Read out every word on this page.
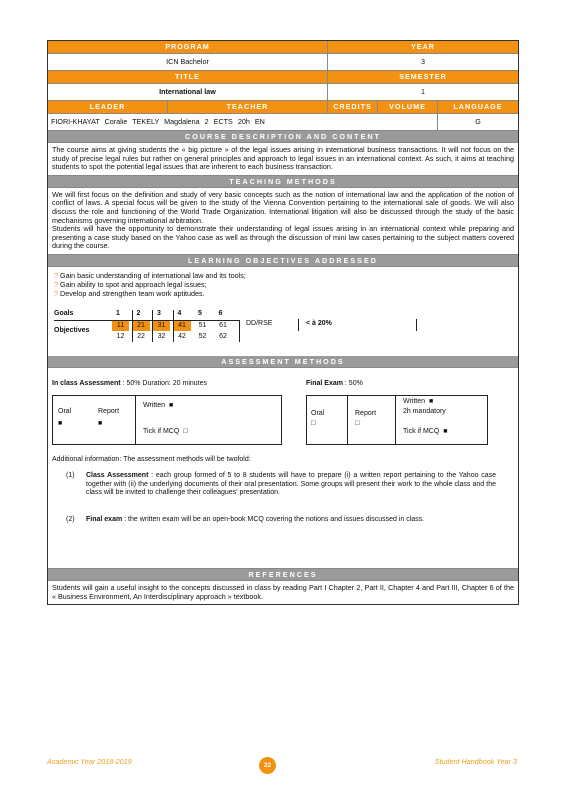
PROGRAM	YEAR
ICN Bachelor	3
TITLE	SEMESTER
International law	1
LEADER	TEACHER	CREDITS	VOLUME	LANGUAGE
FIORI-KHAYAT Coralie TEKELY Magdalena 2 ECTS 20h EN	G
COURSE DESCRIPTION AND CONTENT
The course aims at giving students the « big picture » of the legal issues arising in international business transactions. It will not focus on the study of precise legal rules but rather on general principles and approach to legal issues in an international context. As such, it aims at teaching students to spot the potential legal issues that are inherent to each business transaction.
TEACHING METHODS
We will first focus on the definition and study of very basic concepts such as the notion of international law and the application of the notion of conflict of laws. A special focus will be given to the study of the Vienna Convention pertaining to the international sale of goods. We will also discuss the role and functioning of the World Trade Organization. International litigation will also be discussed through the study of the basic mechanisms governing international arbitration.
Students will have the opportunity to demonstrate their understanding of legal issues arising in an international context while preparing and presenting a case study based on the Yahoo case as well as through the discussion of mini law cases pertaining to the subject matters covered during the course.
LEARNING OBJECTIVES ADDRESSED
? Gain basic understanding of international law and its tools;
? Gain ability to spot and approach legal issues;
? Develop and strengthen team work aptitudes.
Goals
Objectives
1 2 3 4 5 6
11	21	31	41	51	61
12	22	32	42	52	62
DD/RSE	< à 20%
ASSESSMENT METHODS
In class Assessment : 50% Duration: 20 minutes	Final Exam : 50%
Oral
■
Report
■
Written ■
Tick if MCQ □
Oral
□
Report
□
Written ■
2h mandatory
Tick if MCQ ■
Additional information: The assessment methods will be twofold:
(1) Class Assessment : each group formed of 5 to 8 students will have to prepare (i) a written report pertaining to the Yahoo case together with (ii) the underlying documents of their oral presentation. Some groups will present their work to the whole class and the class will be invited to challenge their colleagues' presentation.
(2) Final exam : the written exam will be an open-book MCQ covering the notions and issues discussed in class.
REFERENCES
Students will gain a useful insight to the concepts discussed in class by reading Part I Chapter 2, Part II, Chapter 4 and Part III, Chapter 6 of the « Business Environment, An Interdisciplinary approach » textbook.
Academic Year 2018-2019	22	Student Handbook Year 3
